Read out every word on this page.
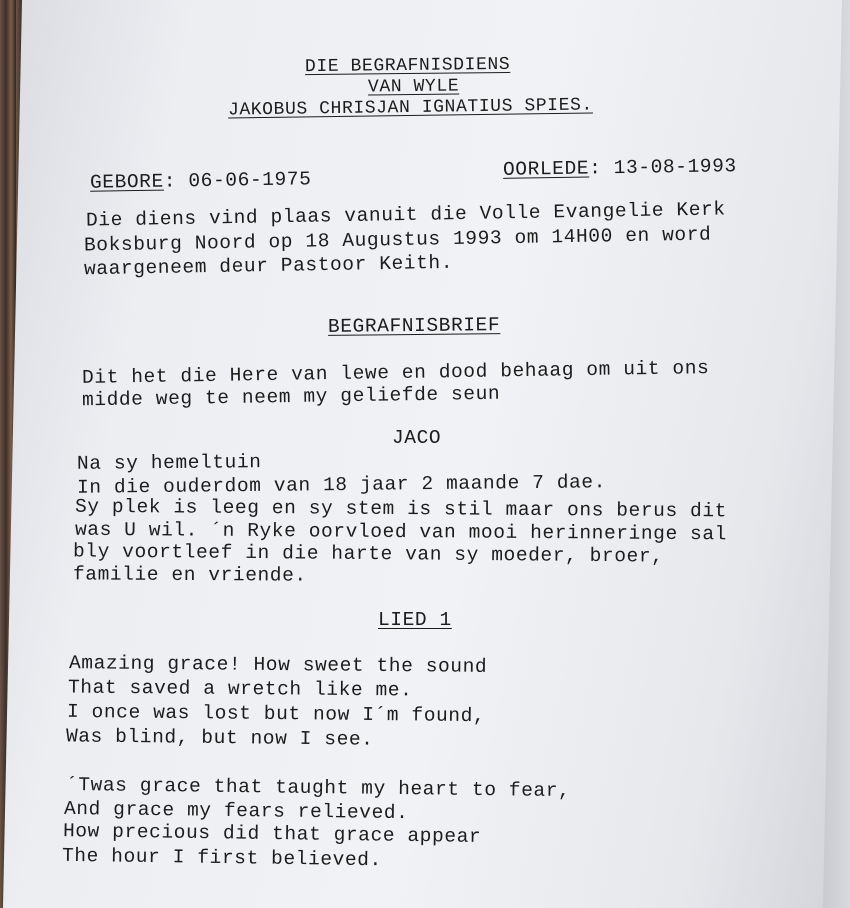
DIE BEGRAFNISDIENS
VAN WYLE
JAKOBUS CHRISJAN IGNATIUS SPIES.
GEBORE: 06-06-1975	OORLEDE: 13-08-1993
Die diens vind plaas vanuit die Volle Evangelie Kerk
Boksburg Noord op 18 Augustus 1993 om 14H00 en word
waargeneem deur Pastoor Keith.
BEGRAFNISBRIEF
Dit het die Here van lewe en dood behaag om uit ons
midde weg te neem my geliefde seun
JACO
Na sy hemeltuin
In die ouderdom van 18 jaar 2 maande 7 dae.
Sy plek is leeg en sy stem is stil maar ons berus dit
was U wil. ´n Ryke oorvloed van mooi herinneringe sal
bly voortleef in die harte van sy moeder, broer,
familie en vriende.
LIED 1
Amazing grace! How sweet the sound
That saved a wretch like me.
I once was lost but now I´m found,
Was blind, but now I see.
´Twas grace that taught my heart to fear,
And grace my fears relieved.
How precious did that grace appear
The hour I first believed.
